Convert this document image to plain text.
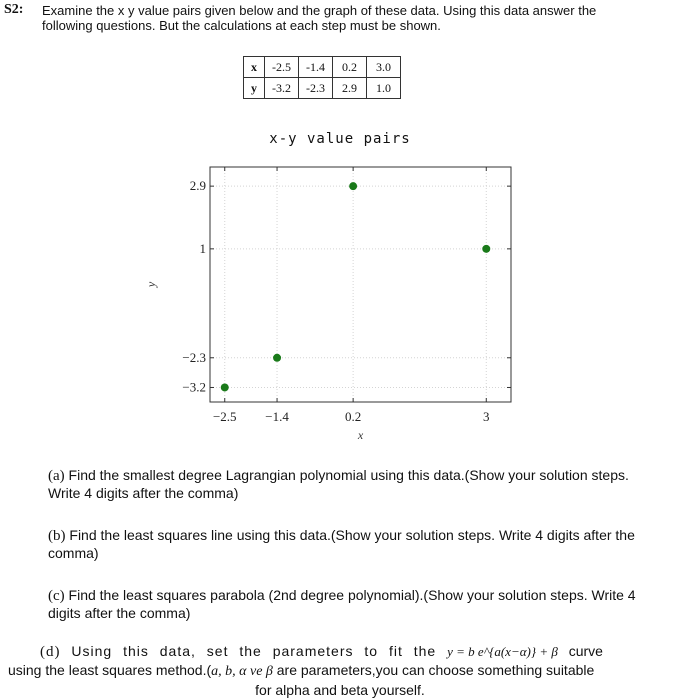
S2: Examine the x y value pairs given below and the graph of these data. Using this data answer the following questions. But the calculations at each step must be shown.
x	-2.5	-1.4	0.2	3.0
y	-3.2	-2.3	2.9	1.0
x-y value pairs
−2.5 −1.4	0.2	3
2.9
1
−2.3
−3.2
x
y
(a) Find the smallest degree Lagrangian polynomial using this data.(Show your solution steps. Write 4 digits after the comma)
(b) Find the least squares line using this data.(Show your solution steps. Write 4 digits after the comma)
(c) Find the least squares parabola (2nd degree polynomial).(Show your solution steps. Write 4 digits after the comma)
(d) Using this data, set the parameters to fit the y = b e^{a(x−α)} + β curve
using the least squares method.(a, b, α ve β are parameters,you can choose something suitable
for alpha and beta yourself.
